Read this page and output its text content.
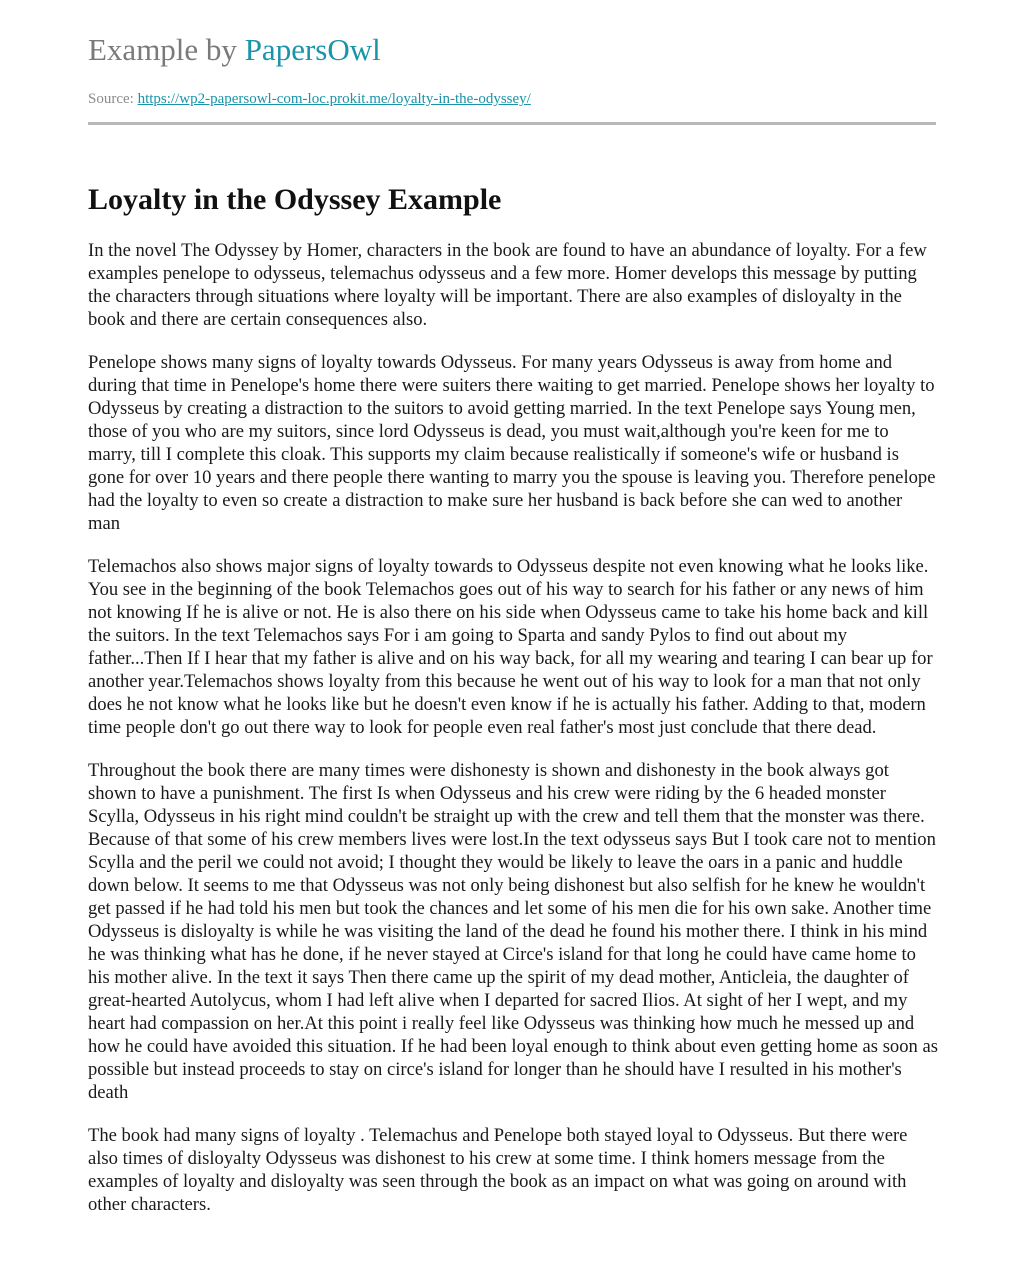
Example by PapersOwl
Source: https://wp2-papersowl-com-loc.prokit.me/loyalty-in-the-odyssey/
Loyalty in the Odyssey Example

In the novel The Odyssey by Homer, characters in the book are found to have an abundance of loyalty. For a few examples penelope to odysseus, telemachus odysseus and a few more. Homer develops this message by putting the characters through situations where loyalty will be important. There are also examples of disloyalty in the book and there are certain consequences also.

Penelope shows many signs of loyalty towards Odysseus. For many years Odysseus is away from home and during that time in Penelope's home there were suiters there waiting to get married. Penelope shows her loyalty to Odysseus by creating a distraction to the suitors to avoid getting married. In the text Penelope says Young men, those of you who are my suitors, since lord Odysseus is dead, you must wait,although you're keen for me to marry, till I complete this cloak. This supports my claim because realistically if someone's wife or husband is gone for over 10 years and there people there wanting to marry you the spouse is leaving you. Therefore penelope had the loyalty to even so create a distraction to make sure her husband is back before she can wed to another man

Telemachos also shows major signs of loyalty towards to Odysseus despite not even knowing what he looks like. You see in the beginning of the book Telemachos goes out of his way to search for his father or any news of him not knowing If he is alive or not. He is also there on his side when Odysseus came to take his home back and kill the suitors. In the text Telemachos says For i am going to Sparta and sandy Pylos to find out about my father...Then If I hear that my father is alive and on his way back, for all my wearing and tearing I can bear up for another year.Telemachos shows loyalty from this because he went out of his way to look for a man that not only does he not know what he looks like but he doesn't even know if he is actually his father. Adding to that, modern time people don't go out there way to look for people even real father's most just conclude that there dead.

Throughout the book there are many times were dishonesty is shown and dishonesty in the book always got shown to have a punishment. The first Is when Odysseus and his crew were riding by the 6 headed monster Scylla, Odysseus in his right mind couldn't be straight up with the crew and tell them that the monster was there. Because of that some of his crew members lives were lost.In the text odysseus says But I took care not to mention Scylla and the peril we could not avoid; I thought they would be likely to leave the oars in a panic and huddle down below. It seems to me that Odysseus was not only being dishonest but also selfish for he knew he wouldn't get passed if he had told his men but took the chances and let some of his men die for his own sake. Another time Odysseus is disloyalty is while he was visiting the land of the dead he found his mother there. I think in his mind he was thinking what has he done, if he never stayed at Circe's island for that long he could have came home to his mother alive. In the text it says Then there came up the spirit of my dead mother, Anticleia, the daughter of great-hearted Autolycus, whom I had left alive when I departed for sacred Ilios. At sight of her I wept, and my heart had compassion on her.At this point i really feel like Odysseus was thinking how much he messed up and how he could have avoided this situation. If he had been loyal enough to think about even getting home as soon as possible but instead proceeds to stay on circe's island for longer than he should have I resulted in his mother's death

The book had many signs of loyalty . Telemachus and Penelope both stayed loyal to Odysseus. But there were also times of disloyalty Odysseus was dishonest to his crew at some time. I think homers message from the examples of loyalty and disloyalty was seen through the book as an impact on what was going on around with other characters.
